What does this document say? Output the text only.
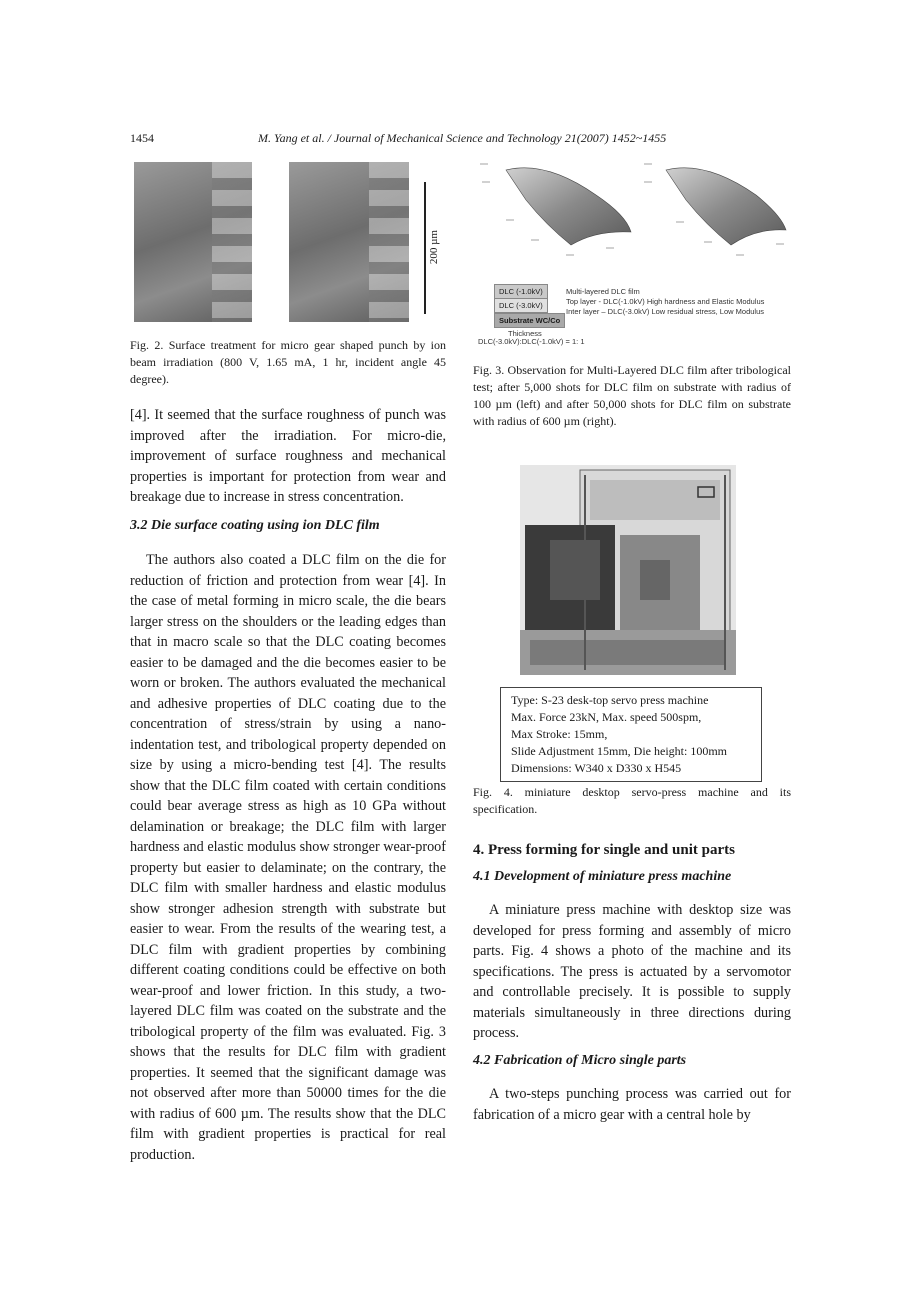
1454	M. Yang et al. / Journal of Mechanical Science and Technology 21(2007) 1452~1455
200 µm
Fig. 2. Surface treatment for micro gear shaped punch by ion beam irradiation (800 V, 1.65 mA, 1 hr, incident angle 45 degree).

[4]. It seemed that the surface roughness of punch was improved after the irradiation. For micro-die, improvement of surface roughness and mechanical properties is important for protection from wear and breakage due to increase in stress concentration.

3.2 Die surface coating using ion DLC film

The authors also coated a DLC film on the die for reduction of friction and protection from wear [4]. In the case of metal forming in micro scale, the die bears larger stress on the shoulders or the leading edges than that in macro scale so that the DLC coating becomes easier to be damaged and the die becomes easier to be worn or broken. The authors evaluated the mechanical and adhesive properties of DLC coating due to the concentration of stress/strain by using a nano-indentation test, and tribological property depended on size by using a micro-bending test [4]. The results show that the DLC film coated with certain conditions could bear average stress as high as 10 GPa without delamination or breakage; the DLC film with larger hardness and elastic modulus show stronger wear-proof property but easier to delaminate; on the contrary, the DLC film with smaller hardness and elastic modulus show stronger adhesion strength with substrate but easier to wear. From the results of the wearing test, a DLC film with gradient properties by combining different coating conditions could be effective on both wear-proof and lower friction. In this study, a two-layered DLC film was coated on the substrate and the tribological property of the film was evaluated. Fig. 3 shows that the results for DLC film with gradient properties. It seemed that the significant damage was not observed after more than 50000 times for the die with radius of 600 µm. The results show that the DLC film with gradient properties is practical for real production.

DLC (-1.0kV)
DLC (-3.0kV)
Substrate WC/Co
Thickness
DLC(-3.0kV):DLC(-1.0kV) = 1: 1
Multi-layered DLC film
Top layer - DLC(-1.0kV) High hardness and Elastic Modulus
Inter layer – DLC(-3.0kV) Low residual stress, Low Modulus
Fig. 3. Observation for Multi-Layered DLC film after tribological test; after 5,000 shots for DLC film on substrate with radius of 100 µm (left) and after 50,000 shots for DLC film on substrate with radius of 600 µm (right).
Type: S-23 desk-top servo press machine
Max. Force 23kN, Max. speed 500spm,
Max Stroke: 15mm,
Slide Adjustment 15mm, Die height: 100mm
Dimensions: W340 x D330 x H545
Fig. 4. miniature desktop servo-press machine and its specification.
4. Press forming for single and unit parts
4.1 Development of miniature press machine

A miniature press machine with desktop size was developed for press forming and assembly of micro parts. Fig. 4 shows a photo of the machine and its specifications. The press is actuated by a servomotor and controllable precisely. It is possible to supply materials simultaneously in three directions during process.

4.2 Fabrication of Micro single parts

A two-steps punching process was carried out for fabrication of a micro gear with a central hole by
